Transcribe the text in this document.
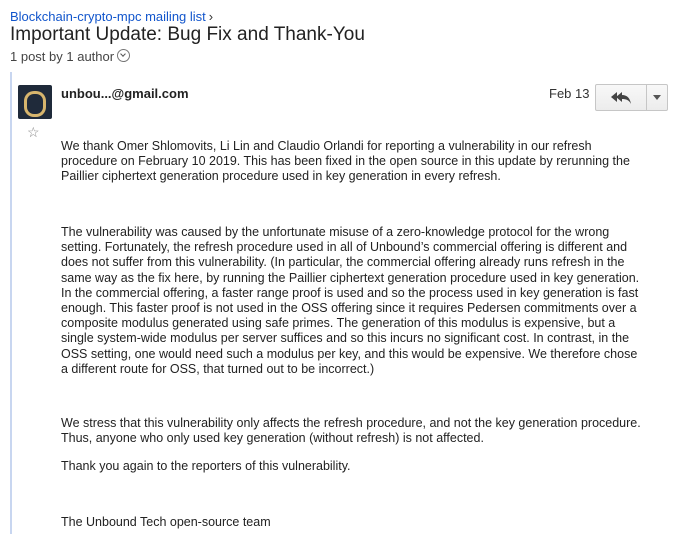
Blockchain-crypto-mpc mailing list ›
Important Update: Bug Fix and Thank-You
1 post by 1 author
☆
unbou...@gmail.com	Feb 13

We thank Omer Shlomovits, Li Lin and Claudio Orlandi for reporting a vulnerability in our refresh
procedure on February 10 2019. This has been fixed in the open source in this update by rerunning the
Paillier ciphertext generation procedure used in key generation in every refresh.

The vulnerability was caused by the unfortunate misuse of a zero-knowledge protocol for the wrong
setting. Fortunately, the refresh procedure used in all of Unbound’s commercial offering is different and
does not suffer from this vulnerability. (In particular, the commercial offering already runs refresh in the
same way as the fix here, by running the Paillier ciphertext generation procedure used in key generation.
In the commercial offering, a faster range proof is used and so the process used in key generation is fast
enough. This faster proof is not used in the OSS offering since it requires Pedersen commitments over a
composite modulus generated using safe primes. The generation of this modulus is expensive, but a
single system-wide modulus per server suffices and so this incurs no significant cost. In contrast, in the
OSS setting, one would need such a modulus per key, and this would be expensive. We therefore chose
a different route for OSS, that turned out to be incorrect.)

We stress that this vulnerability only affects the refresh procedure, and not the key generation procedure.
Thus, anyone who only used key generation (without refresh) is not affected.

Thank you again to the reporters of this vulnerability.

The Unbound Tech open-source team
